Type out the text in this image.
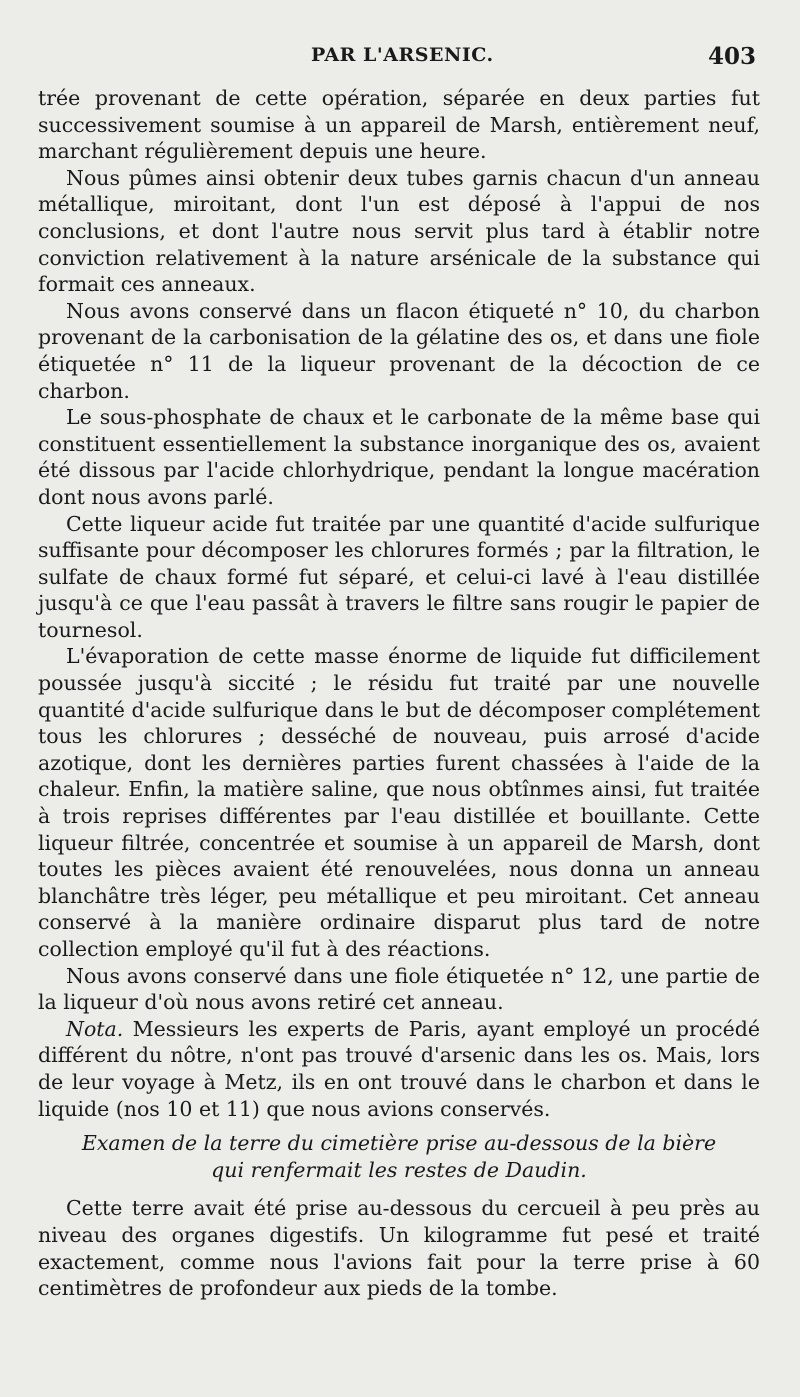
PAR L'ARSENIC.	403

trée provenant de cette opération, séparée en deux parties fut successivement soumise à un appareil de Marsh, entièrement neuf, marchant régulièrement depuis une heure.

Nous pûmes ainsi obtenir deux tubes garnis chacun d'un anneau métallique, miroitant, dont l'un est déposé à l'appui de nos conclusions, et dont l'autre nous servit plus tard à établir notre conviction relativement à la nature arsénicale de la substance qui formait ces anneaux.

Nous avons conservé dans un flacon étiqueté n° 10, du charbon provenant de la carbonisation de la gélatine des os, et dans une fiole étiquetée n° 11 de la liqueur provenant de la décoction de ce charbon.

Le sous-phosphate de chaux et le carbonate de la même base qui constituent essentiellement la substance inorganique des os, avaient été dissous par l'acide chlorhydrique, pendant la longue macération dont nous avons parlé.

Cette liqueur acide fut traitée par une quantité d'acide sulfurique suffisante pour décomposer les chlorures formés ; par la filtration, le sulfate de chaux formé fut séparé, et celui-ci lavé à l'eau distillée jusqu'à ce que l'eau passât à travers le filtre sans rougir le papier de tournesol.

L'évaporation de cette masse énorme de liquide fut difficilement poussée jusqu'à siccité ; le résidu fut traité par une nouvelle quantité d'acide sulfurique dans le but de décomposer complétement tous les chlorures ; desséché de nouveau, puis arrosé d'acide azotique, dont les dernières parties furent chassées à l'aide de la chaleur. Enfin, la matière saline, que nous obtînmes ainsi, fut traitée à trois reprises différentes par l'eau distillée et bouillante. Cette liqueur filtrée, concentrée et soumise à un appareil de Marsh, dont toutes les pièces avaient été renouvelées, nous donna un anneau blanchâtre très léger, peu métallique et peu miroitant. Cet anneau conservé à la manière ordinaire disparut plus tard de notre collection employé qu'il fut à des réactions.

Nous avons conservé dans une fiole étiquetée n° 12, une partie de la liqueur d'où nous avons retiré cet anneau.

Nota. Messieurs les experts de Paris, ayant employé un procédé différent du nôtre, n'ont pas trouvé d'arsenic dans les os. Mais, lors de leur voyage à Metz, ils en ont trouvé dans le charbon et dans le liquide (nos 10 et 11) que nous avions conservés.

Examen de la terre du cimetière prise au-dessous de la bière qui renfermait les restes de Daudin.

Cette terre avait été prise au-dessous du cercueil à peu près au niveau des organes digestifs. Un kilogramme fut pesé et traité exactement, comme nous l'avions fait pour la terre prise à 60 centimètres de profondeur aux pieds de la tombe.
